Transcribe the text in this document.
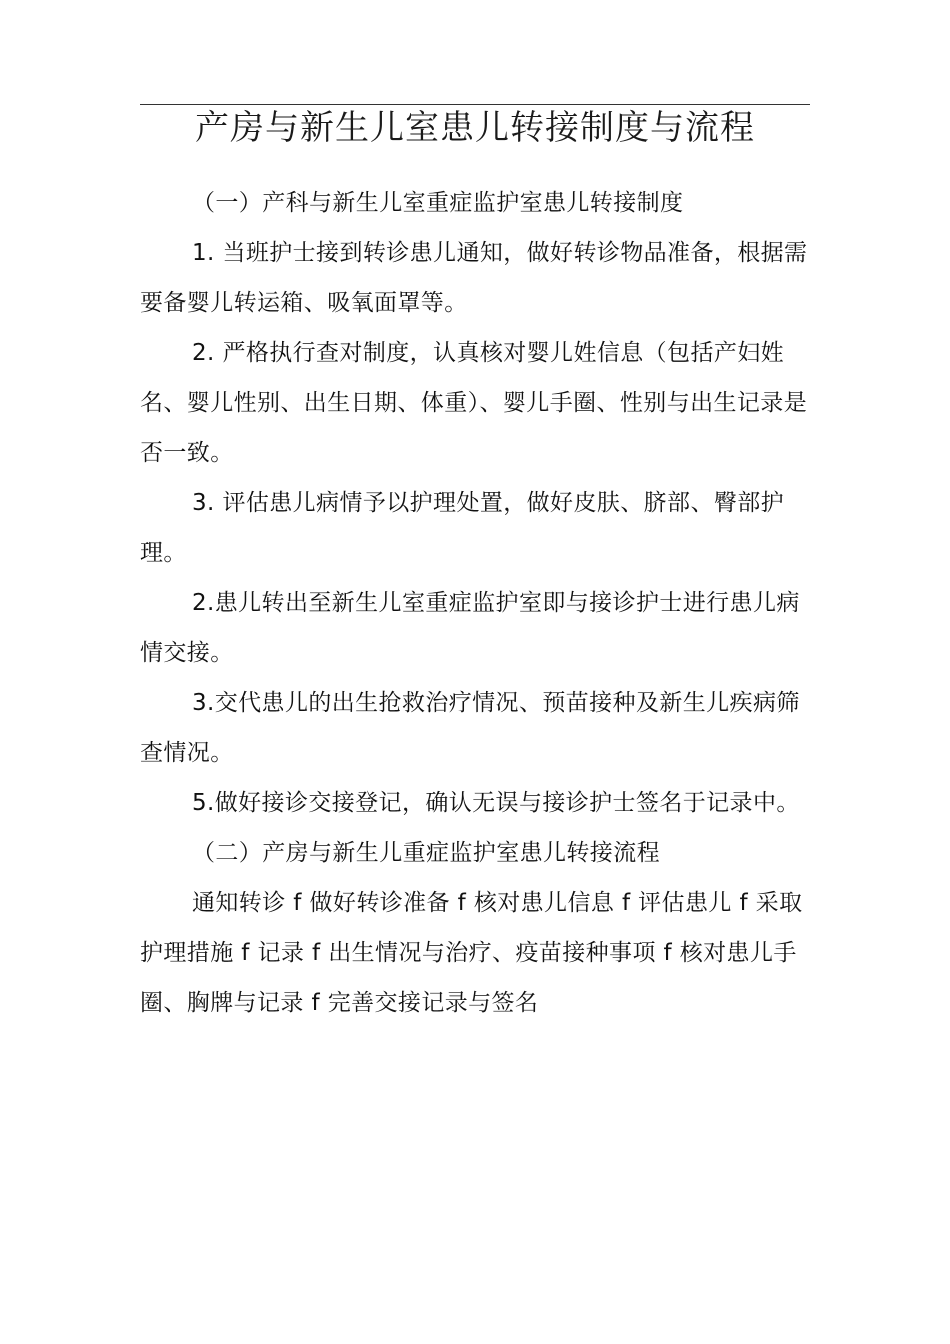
产房与新生儿室患儿转接制度与流程

（一）产科与新生儿室重症监护室患儿转接制度

1. 当班护士接到转诊患儿通知，做好转诊物品准备，根据需要备婴儿转运箱、吸氧面罩等。

2. 严格执行查对制度，认真核对婴儿姓信息（包括产妇姓名、婴儿性别、出生日期、体重）、婴儿手圈、性别与出生记录是否一致。

3. 评估患儿病情予以护理处置，做好皮肤、脐部、臀部护理。

2.患儿转出至新生儿室重症监护室即与接诊护士进行患儿病情交接。

3.交代患儿的出生抢救治疗情况、预苗接种及新生儿疾病筛查情况。

5.做好接诊交接登记，确认无误与接诊护士签名于记录中。

（二）产房与新生儿重症监护室患儿转接流程

通知转诊 f 做好转诊准备 f 核对患儿信息 f 评估患儿 f 采取护理措施 f 记录 f 出生情况与治疗、疫苗接种事项 f 核对患儿手圈、胸牌与记录 f 完善交接记录与签名
